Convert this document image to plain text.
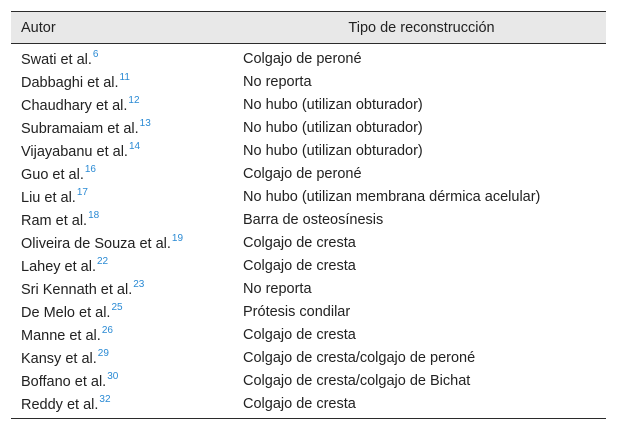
Autor	Tipo de reconstrucción
Swati et al.$^6$	Colgajo de peroné
Dabbaghi et al.$^{11}$	No reporta
Chaudhary et al.$^{12}$	No hubo (utilizan obturador)
Subramaiam et al.$^{13}$	No hubo (utilizan obturador)
Vijayabanu et al.$^{14}$	No hubo (utilizan obturador)
Guo et al.$^{16}$	Colgajo de peroné
Liu et al.$^{17}$	No hubo (utilizan membrana dérmica acelular)
Ram et al.$^{18}$	Barra de osteosínesis
Oliveira de Souza et al.$^{19}$	Colgajo de cresta
Lahey et al.$^{22}$	Colgajo de cresta
Sri Kennath et al.$^{23}$	No reporta
De Melo et al.$^{25}$	Prótesis condilar
Manne et al.$^{26}$	Colgajo de cresta
Kansy et al.$^{29}$	Colgajo de cresta/colgajo de peroné
Boffano et al.$^{30}$	Colgajo de cresta/colgajo de Bichat
Reddy et al.$^{32}$	Colgajo de cresta
